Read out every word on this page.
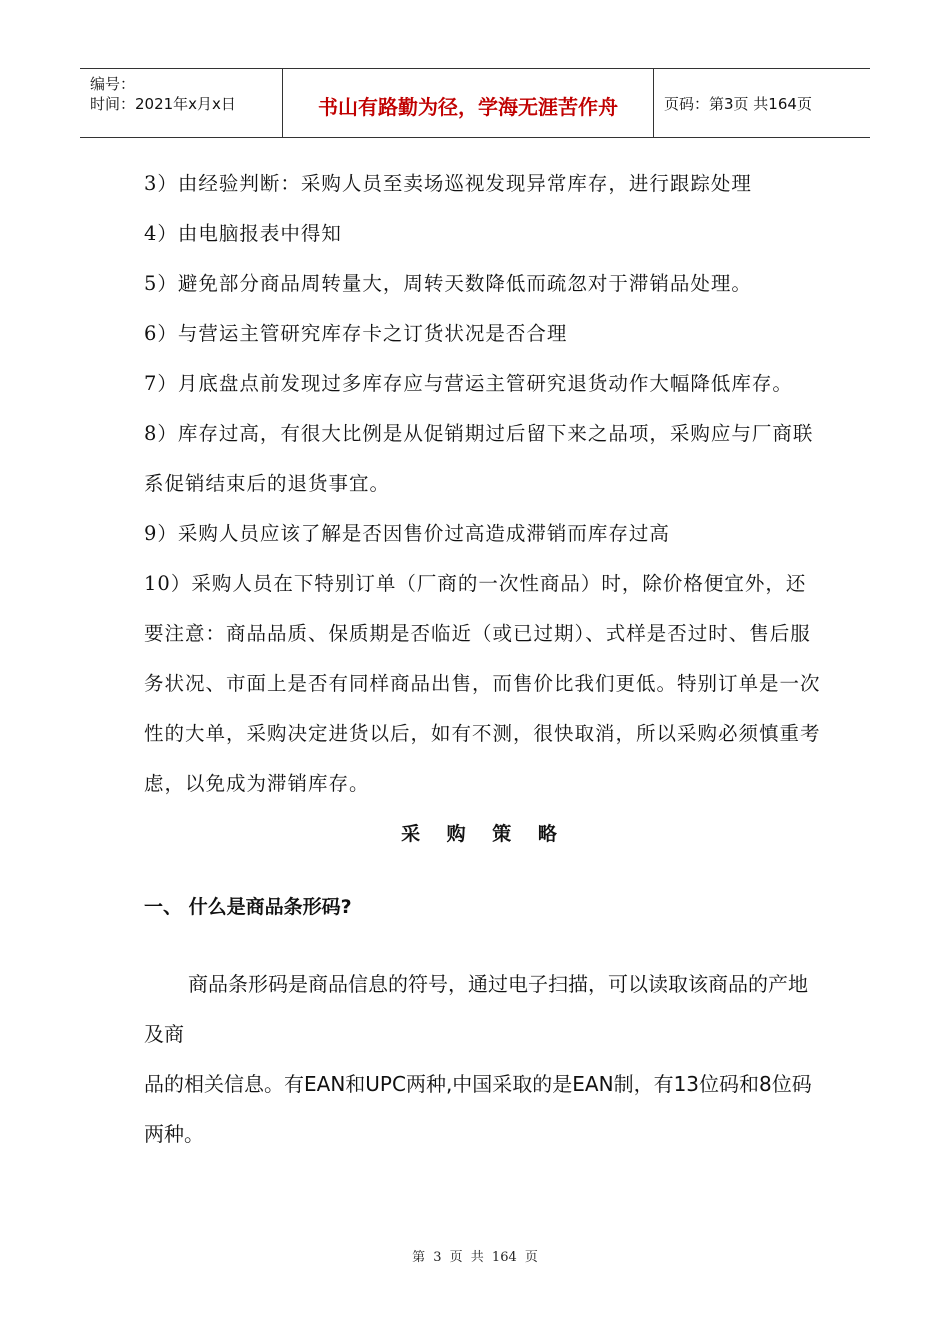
编号：
时间：2021年x月x日	书山有路勤为径，学海无涯苦作舟	页码：第3页 共164页

3）由经验判断：采购人员至卖场巡视发现异常库存，进行跟踪处理

4）由电脑报表中得知

5）避免部分商品周转量大，周转天数降低而疏忽对于滞销品处理。

6）与营运主管研究库存卡之订货状况是否合理

7）月底盘点前发现过多库存应与营运主管研究退货动作大幅降低库存。

8）库存过高，有很大比例是从促销期过后留下来之品项，采购应与厂商联系促销结束后的退货事宜。

9）采购人员应该了解是否因售价过高造成滞销而库存过高

10）采购人员在下特别订单（厂商的一次性商品）时，除价格便宜外，还要注意：商品品质、保质期是否临近（或已过期）、式样是否过时、售后服务状况、市面上是否有同样商品出售，而售价比我们更低。特别订单是一次性的大单，采购决定进货以后，如有不测，很快取消，所以采购必须慎重考虑，以免成为滞销库存。

采 购 策 略

一、 什么是商品条形码?

商品条形码是商品信息的符号，通过电子扫描，可以读取该商品的产地及商

品的相关信息。有EAN和UPC两种,中国采取的是EAN制，有13位码和8位码两种。

第 3 页 共 164 页
